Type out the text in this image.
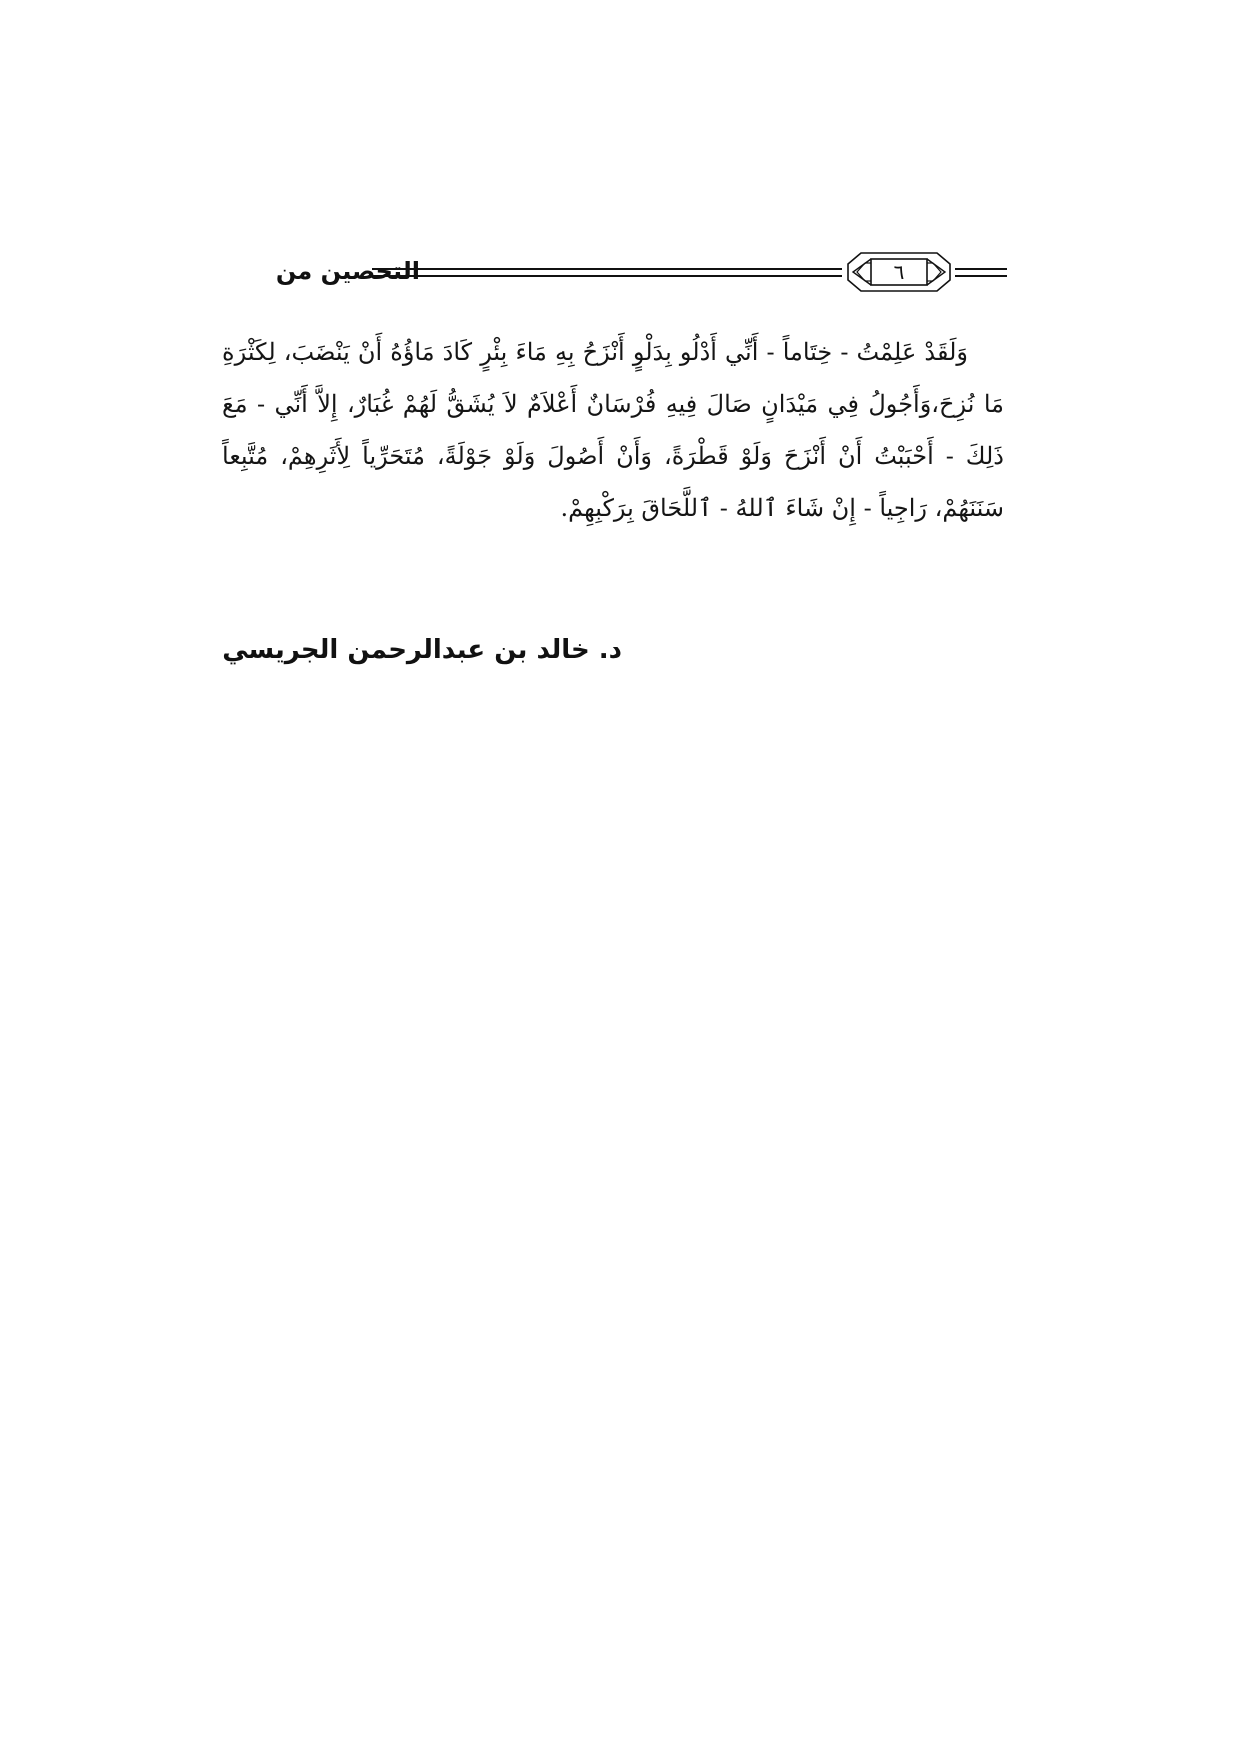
التحصين من	٦

وَلَقَدْ عَلِمْتُ - خِتَاماً - أَنِّي أَدْلُو بِدَلْوٍ أَنْزَحُ بِهِ مَاءَ بِئْرٍ كَادَ مَاؤُهُ أَنْ يَنْضَبَ، لِكَثْرَةِ مَا نُزِحَ،وَأَجُولُ فِي مَيْدَانٍ صَالَ فِيهِ فُرْسَانٌ أَعْلاَمٌ لاَ يُشَقُّ لَهُمْ غُبَارٌ، إِلاَّ أَنِّي - مَعَ ذَلِكَ - أَحْبَبْتُ أَنْ أَنْزَحَ وَلَوْ قَطْرَةً، وَأَنْ أَصُولَ وَلَوْ جَوْلَةً، مُتَحَرِّياً لِأَثَرِهِمْ، مُتَّبِعاً سَنَنَهُمْ، رَاجِياً - إِنْ شَاءَ ٱللهُ - ٱللَّحَاقَ بِرَكْبِهِمْ.

د. خالد بن عبدالرحمن الجريسي
